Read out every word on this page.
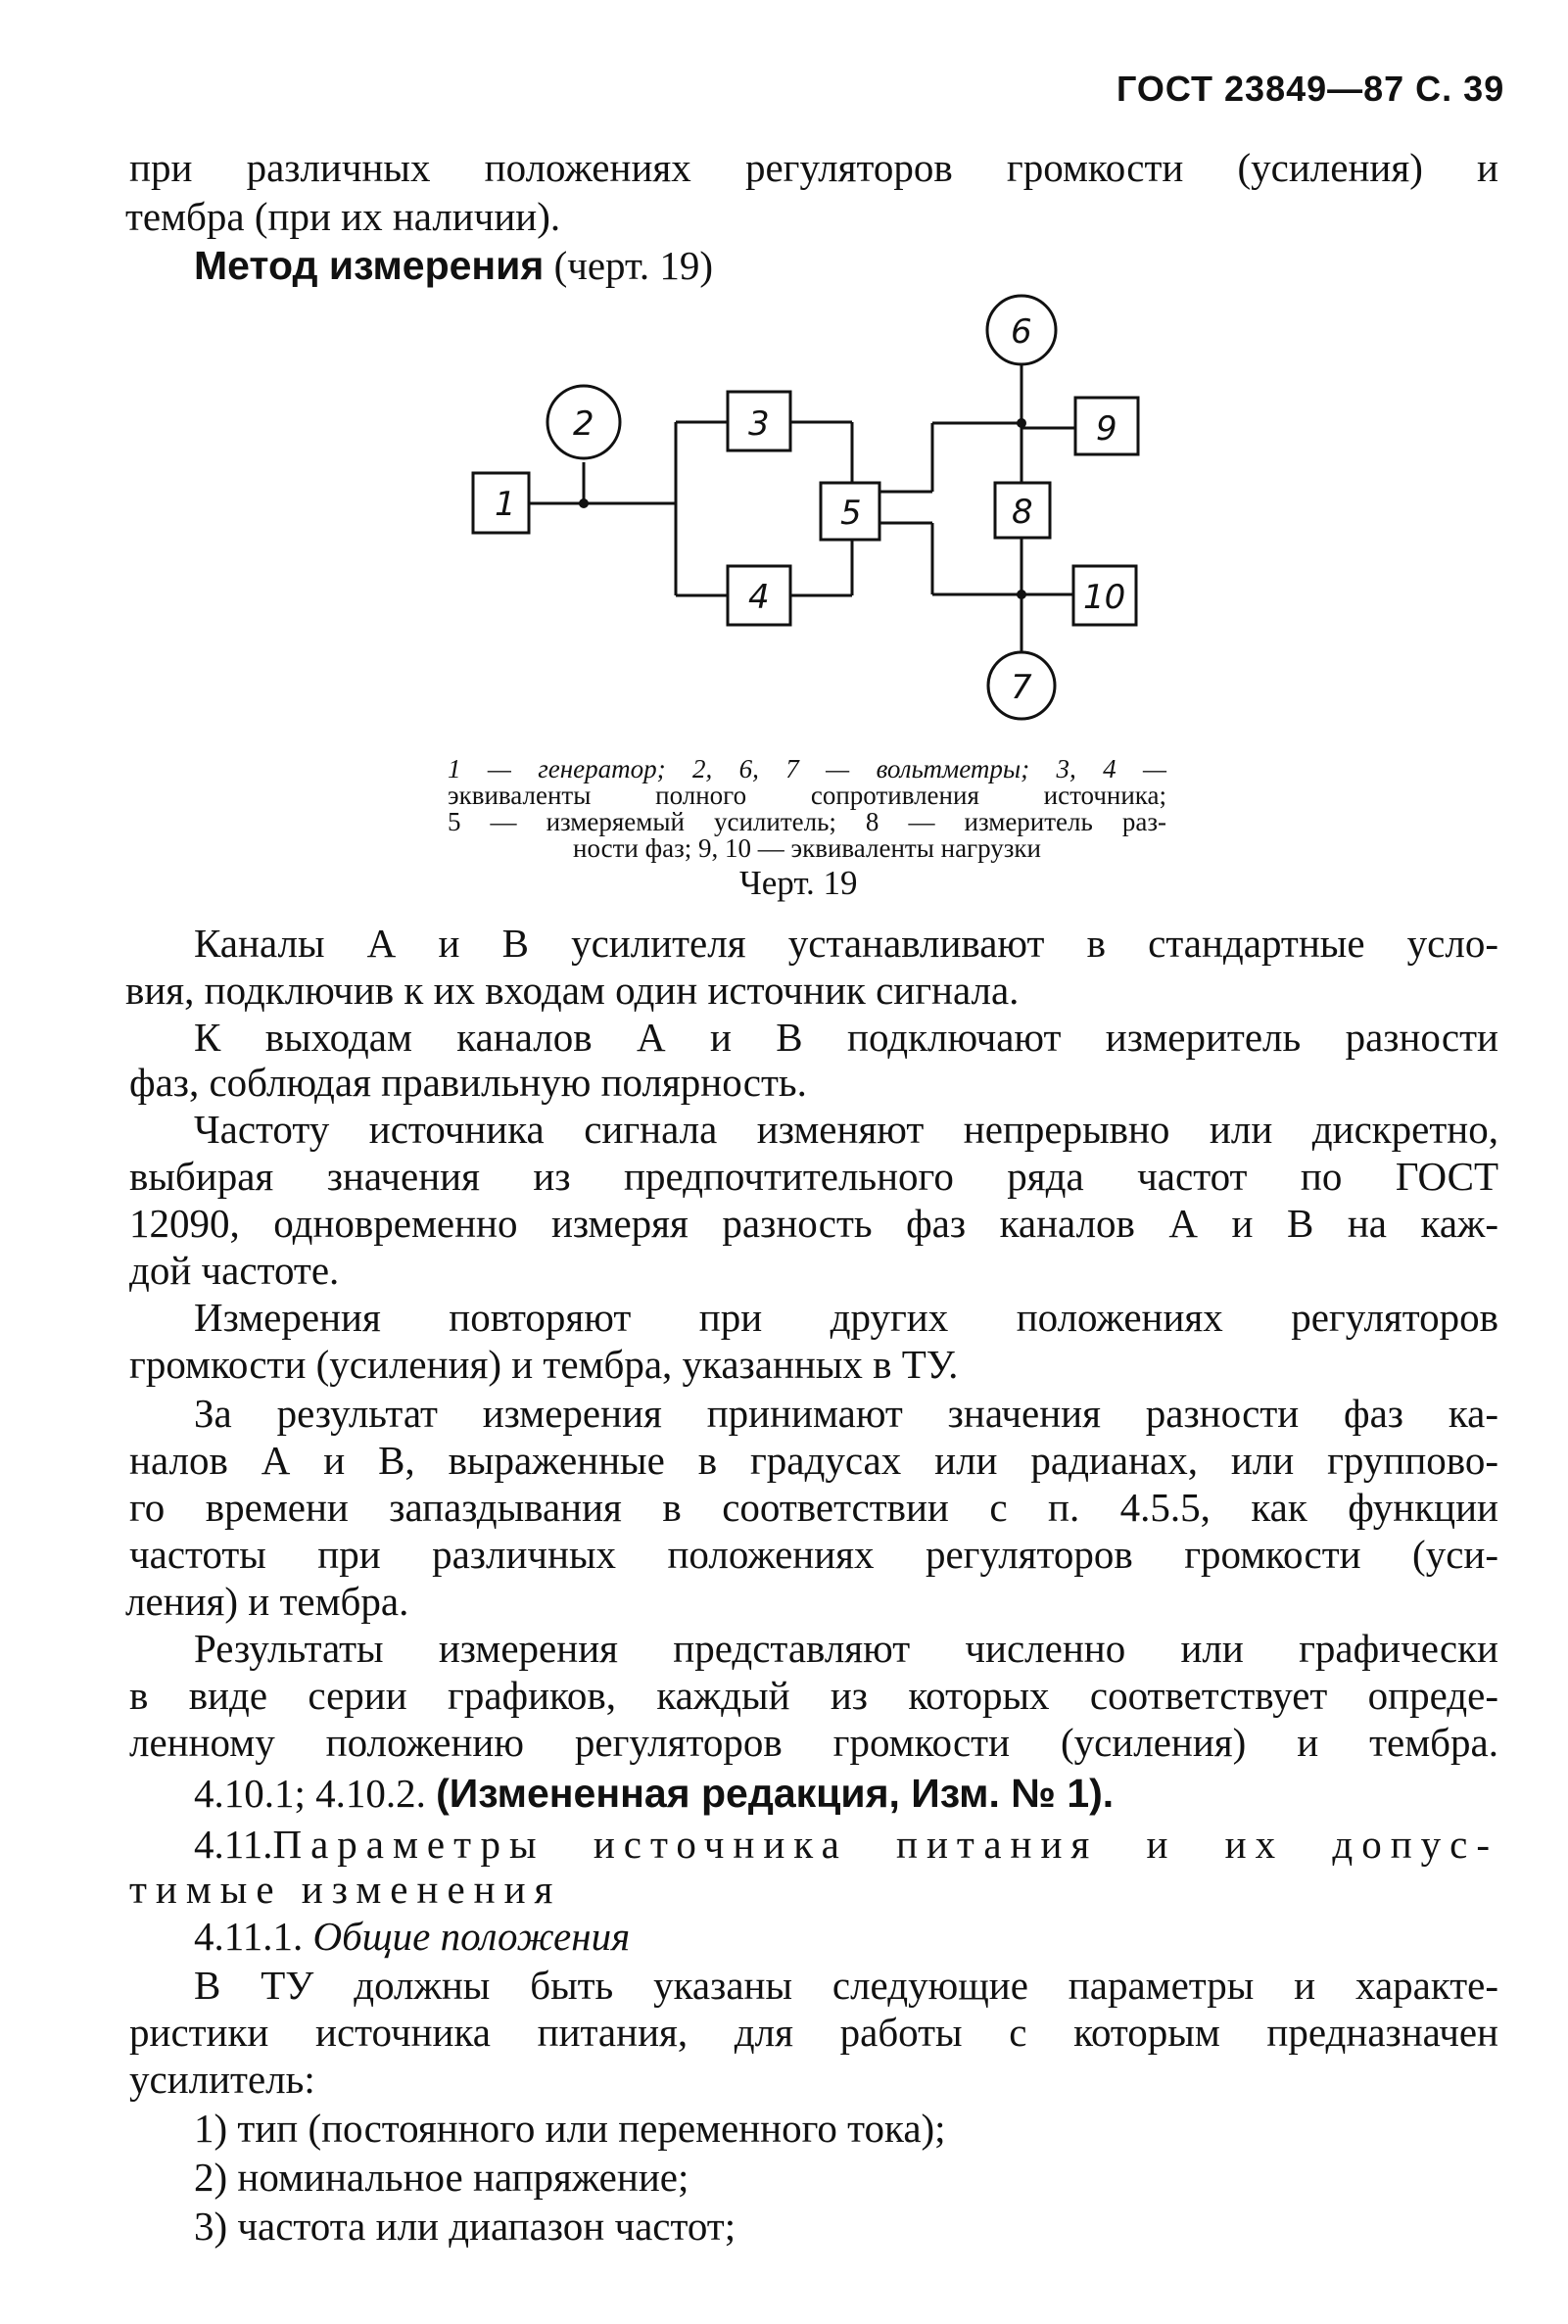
ГОСТ 23849—87 С. 39
при различных положениях регуляторов громкости (усиления) и
тембра (при их наличии).
Метод измерения (черт. 19)
1
2	3
4
5
6
8
9
10
7
1 — генератор; 2, 6, 7 — вольтметры; 3, 4 —
эквиваленты полного сопротивления источника;
5 — измеряемый усилитель; 8 — измеритель раз-
ности фаз; 9, 10 — эквиваленты нагрузки
Черт. 19
Каналы А и В усилителя устанавливают в стандартные усло-
вия, подключив к их входам один источник сигнала.
К выходам каналов А и В подключают измеритель разности
фаз, соблюдая правильную полярность.
Частоту источника сигнала изменяют непрерывно или дискретно,
выбирая значения из предпочтительного ряда частот по ГОСТ
12090, одновременно измеряя разность фаз каналов А и В на каж-
дой частоте.
Измерения повторяют при других положениях регуляторов
громкости (усиления) и тембра, указанных в ТУ.
За результат измерения принимают значения разности фаз ка-
налов А и В, выраженные в градусах или радианах, или группово-
го времени запаздывания в соответствии с п. 4.5.5, как функции
частоты при различных положениях регуляторов громкости (уси-
ления) и тембра.
Результаты измерения представляют численно или графически
в виде серии графиков, каждый из которых соответствует опреде-
ленному положению регуляторов громкости (усиления) и тембра.
4.10.1; 4.10.2. (Измененная редакция, Изм. № 1).
4.11. Параметры источника питания и их допус-
тимые изменения
4.11.1. Общие положения
В ТУ должны быть указаны следующие параметры и характе-
ристики источника питания, для работы с которым предназначен
усилитель:
1) тип (постоянного или переменного тока);
2) номинальное напряжение;
3) частота или диапазон частот;
